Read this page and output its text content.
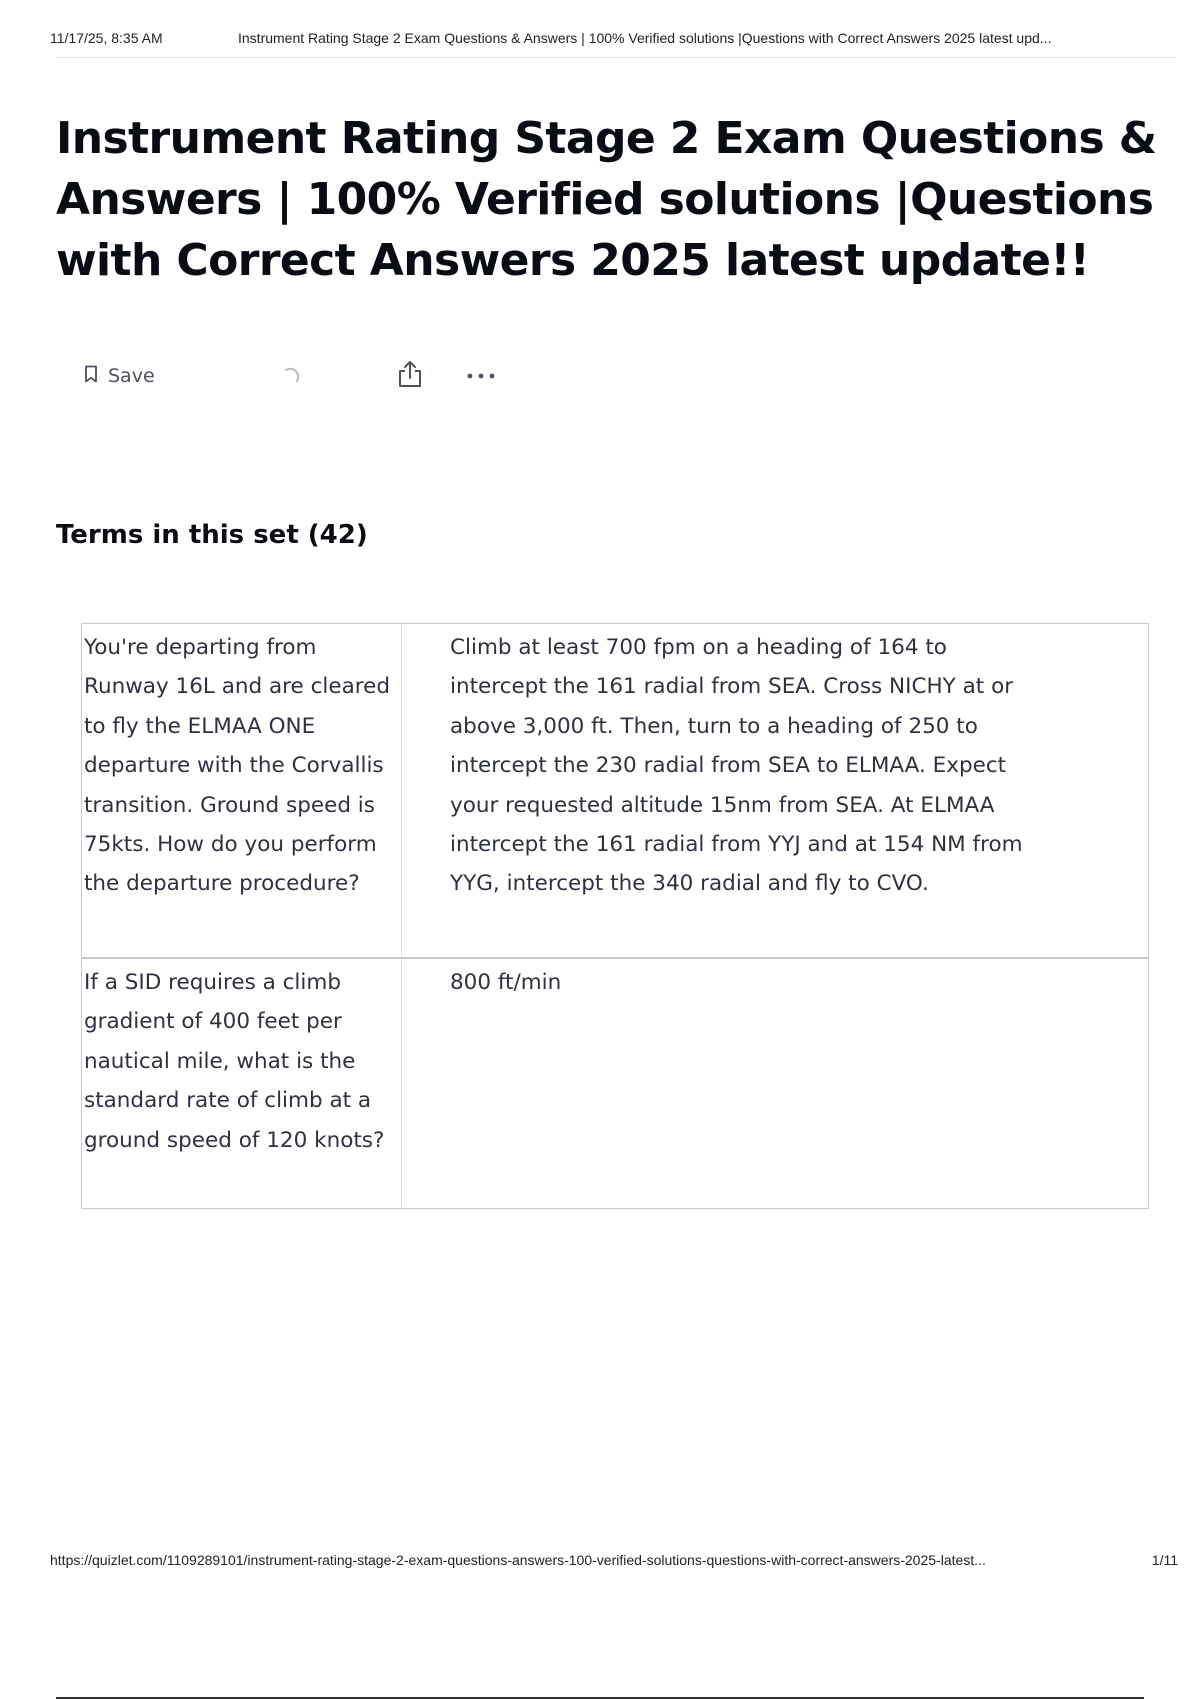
11/17/25, 8:35 AM	Instrument Rating Stage 2 Exam Questions & Answers | 100% Verified solutions |Questions with Correct Answers 2025 latest upd...
Instrument Rating Stage 2 Exam Questions & Answers | 100% Verified solutions |Questions with Correct Answers 2025 latest update!!
Save
Terms in this set (42)
You're departing from Runway 16L and are cleared to fly the ELMAA ONE departure with the Corvallis transition. Ground speed is 75kts. How do you perform the departure procedure?
Climb at least 700 fpm on a heading of 164 to intercept the 161 radial from SEA. Cross NICHY at or above 3,000 ft. Then, turn to a heading of 250 to intercept the 230 radial from SEA to ELMAA. Expect your requested altitude 15nm from SEA. At ELMAA intercept the 161 radial from YYJ and at 154 NM from YYG, intercept the 340 radial and fly to CVO.
If a SID requires a climb gradient of 400 feet per nautical mile, what is the standard rate of climb at a ground speed of 120 knots?
800 ft/min
https://quizlet.com/1109289101/instrument-rating-stage-2-exam-questions-answers-100-verified-solutions-questions-with-correct-answers-2025-latest...	1/11
